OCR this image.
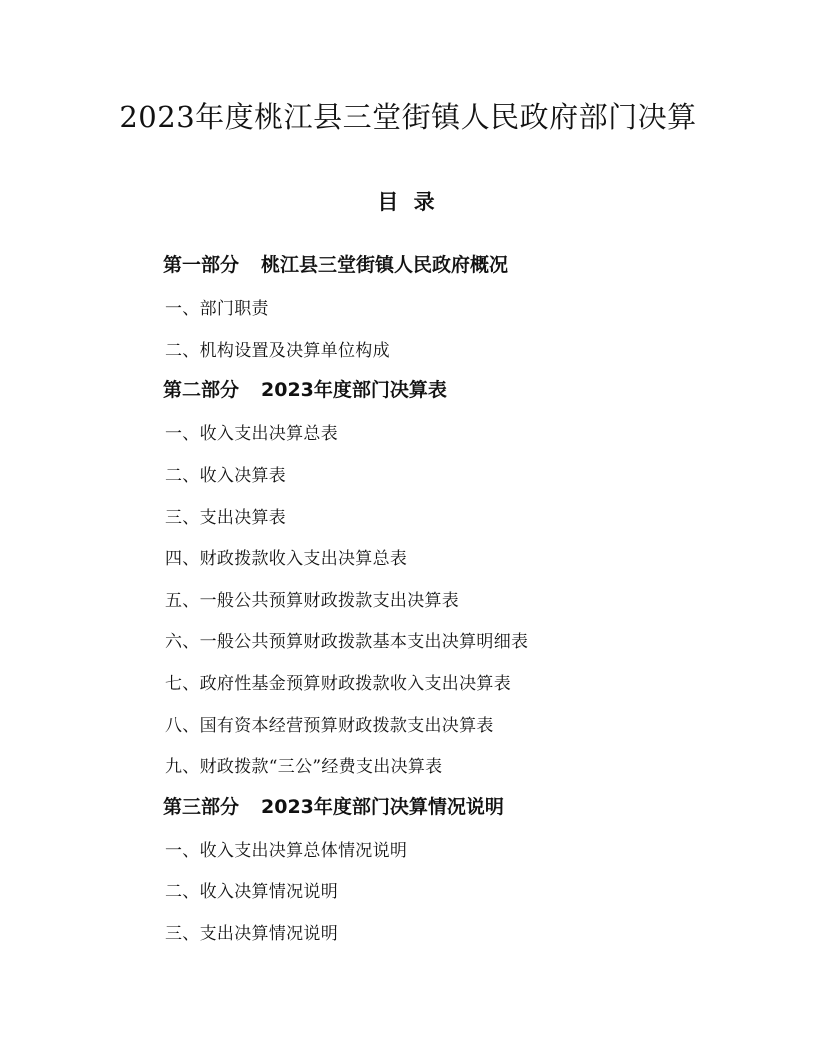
2023年度桃江县三堂街镇人民政府部门决算
目 录
第一部分 桃江县三堂街镇人民政府概况
一、部门职责
二、机构设置及决算单位构成
第二部分 2023年度部门决算表
一、收入支出决算总表
二、收入决算表
三、支出决算表
四、财政拨款收入支出决算总表
五、一般公共预算财政拨款支出决算表
六、一般公共预算财政拨款基本支出决算明细表
七、政府性基金预算财政拨款收入支出决算表
八、国有资本经营预算财政拨款支出决算表
九、财政拨款“三公”经费支出决算表
第三部分 2023年度部门决算情况说明
一、收入支出决算总体情况说明
二、收入决算情况说明
三、支出决算情况说明
